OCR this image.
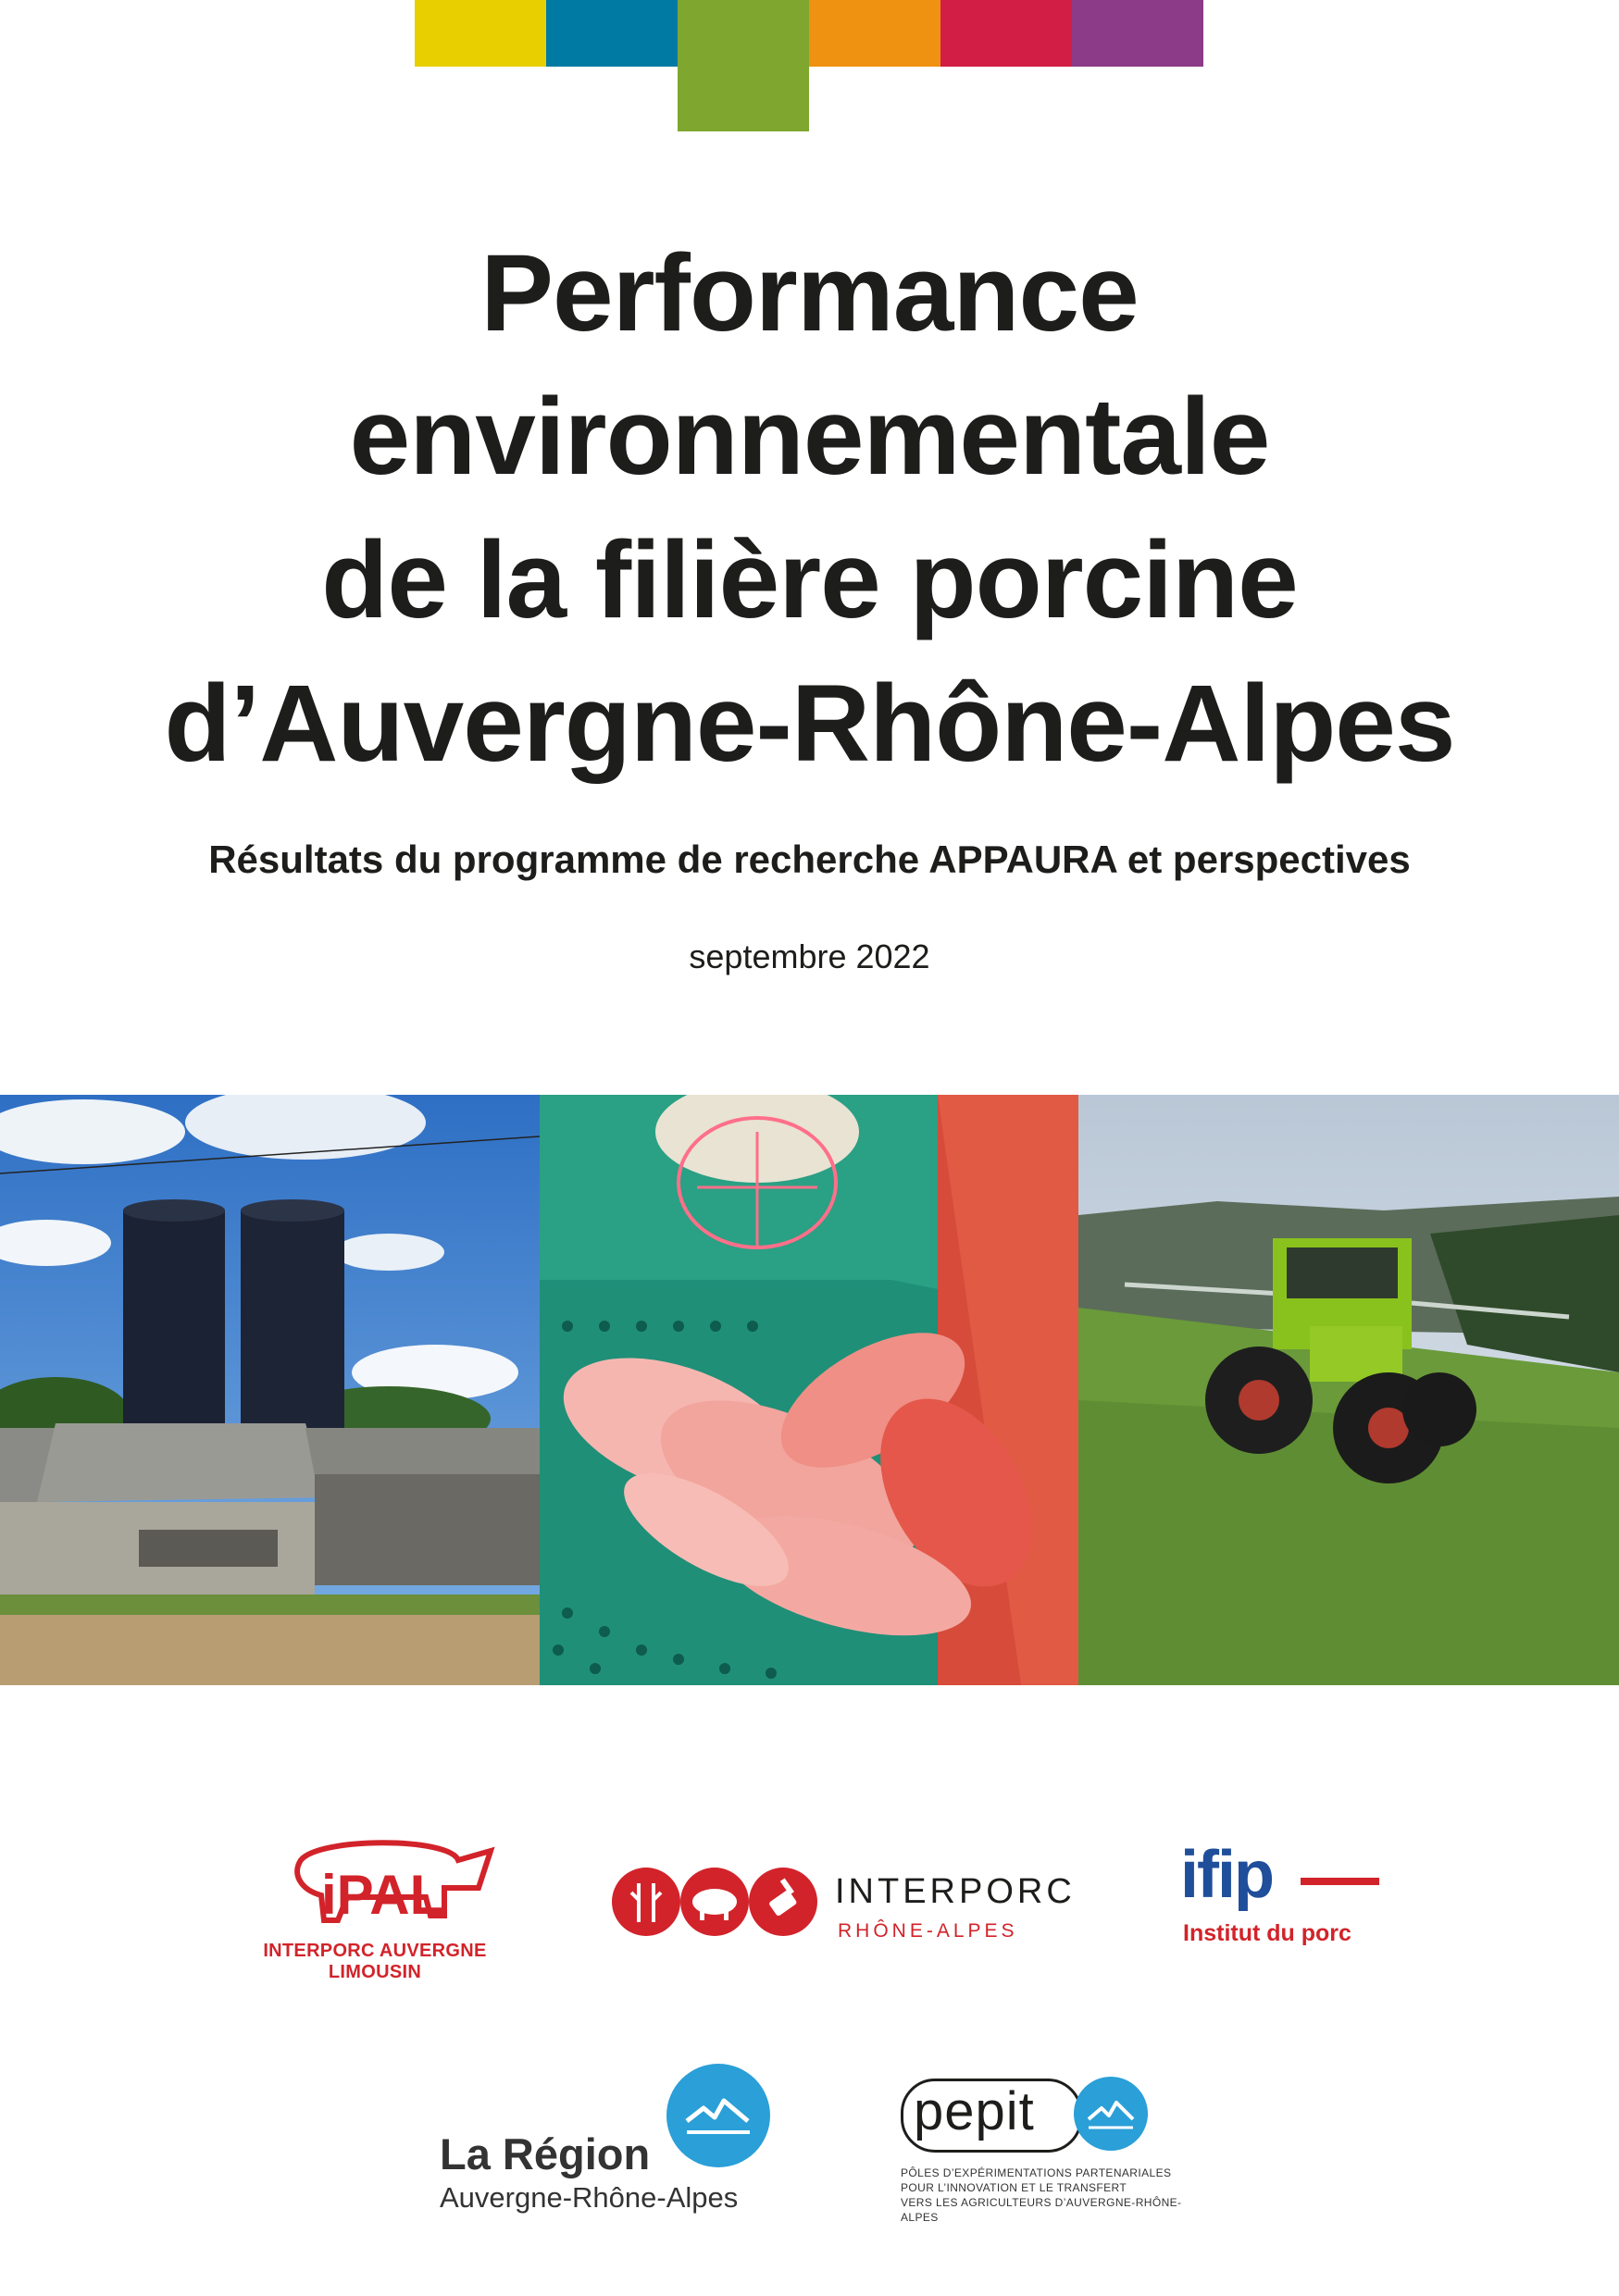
Performance
environnementale
de la filière porcine
d’Auvergne-Rhône-Alpes
Résultats du programme de recherche APPAURA et perspectives
septembre 2022
iPAL
INTERPORC AUVERGNE LIMOUSIN
INTERPORC
RHÔNE-ALPES
ifip
Institut du porc
La Région
Auvergne-Rhône-Alpes
pepit
PÔLES D’EXPÉRIMENTATIONS PARTENARIALES
POUR L’INNOVATION ET LE TRANSFERT
VERS LES AGRICULTEURS D’AUVERGNE-RHÔNE-ALPES
